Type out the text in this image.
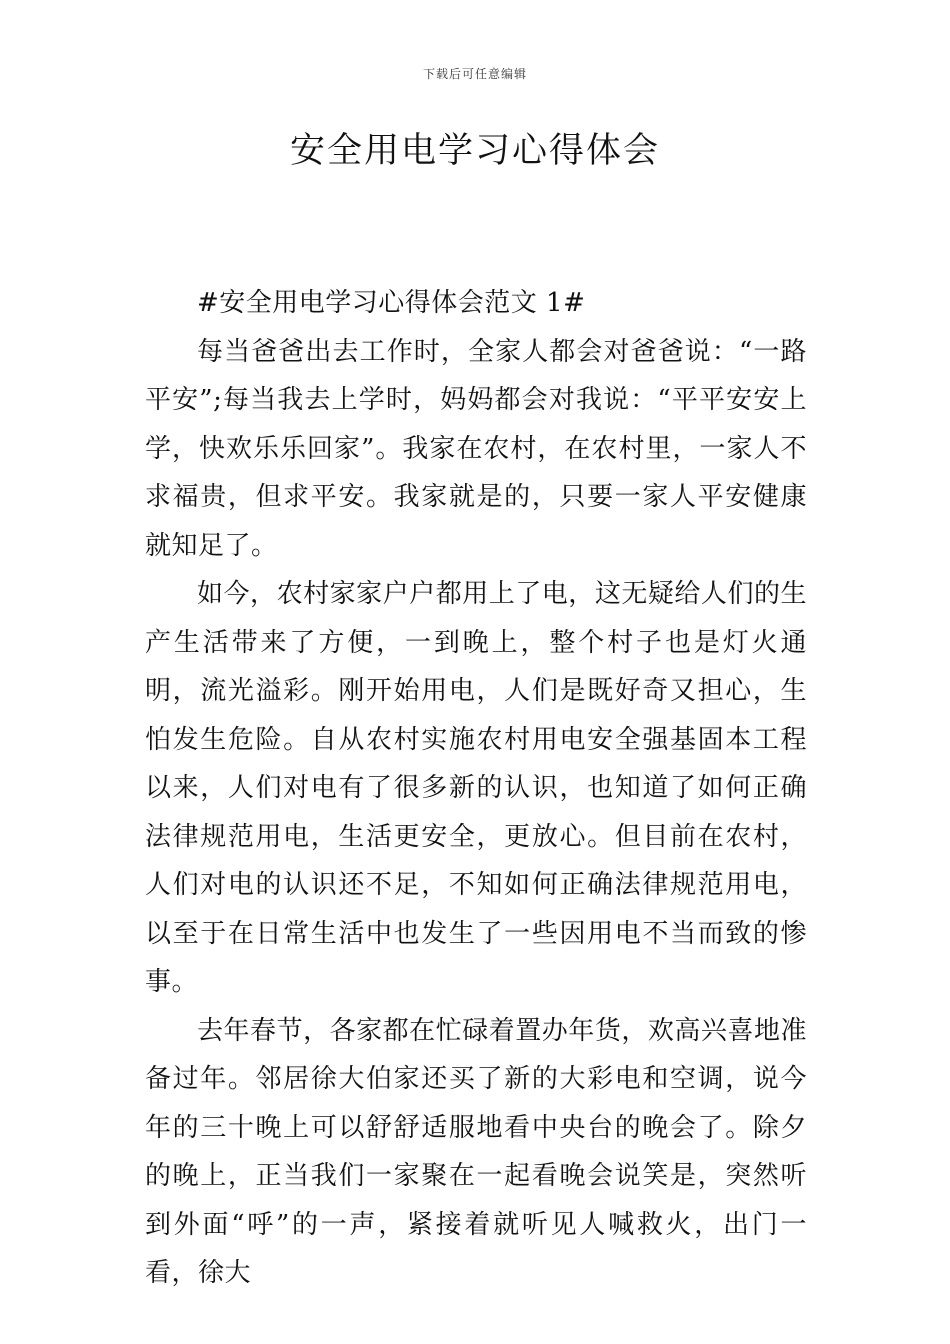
下载后可任意编辑
安全用电学习心得体会

#安全用电学习心得体会范文 1#

每当爸爸出去工作时，全家人都会对爸爸说：“一路平安”;每当我去上学时，妈妈都会对我说：“平平安安上学，快欢乐乐回家”。我家在农村，在农村里，一家人不求福贵，但求平安。我家就是的，只要一家人平安健康就知足了。

如今，农村家家户户都用上了电，这无疑给人们的生产生活带来了方便，一到晚上，整个村子也是灯火通明，流光溢彩。刚开始用电，人们是既好奇又担心，生怕发生危险。自从农村实施农村用电安全强基固本工程以来，人们对电有了很多新的认识，也知道了如何正确法律规范用电，生活更安全，更放心。但目前在农村，人们对电的认识还不足，不知如何正确法律规范用电，以至于在日常生活中也发生了一些因用电不当而致的惨事。

去年春节，各家都在忙碌着置办年货，欢高兴喜地准备过年。邻居徐大伯家还买了新的大彩电和空调，说今年的三十晚上可以舒舒适服地看中央台的晚会了。除夕的晚上，正当我们一家聚在一起看晚会说笑是，突然听到外面“呼”的一声，紧接着就听见人喊救火，出门一看，徐大
